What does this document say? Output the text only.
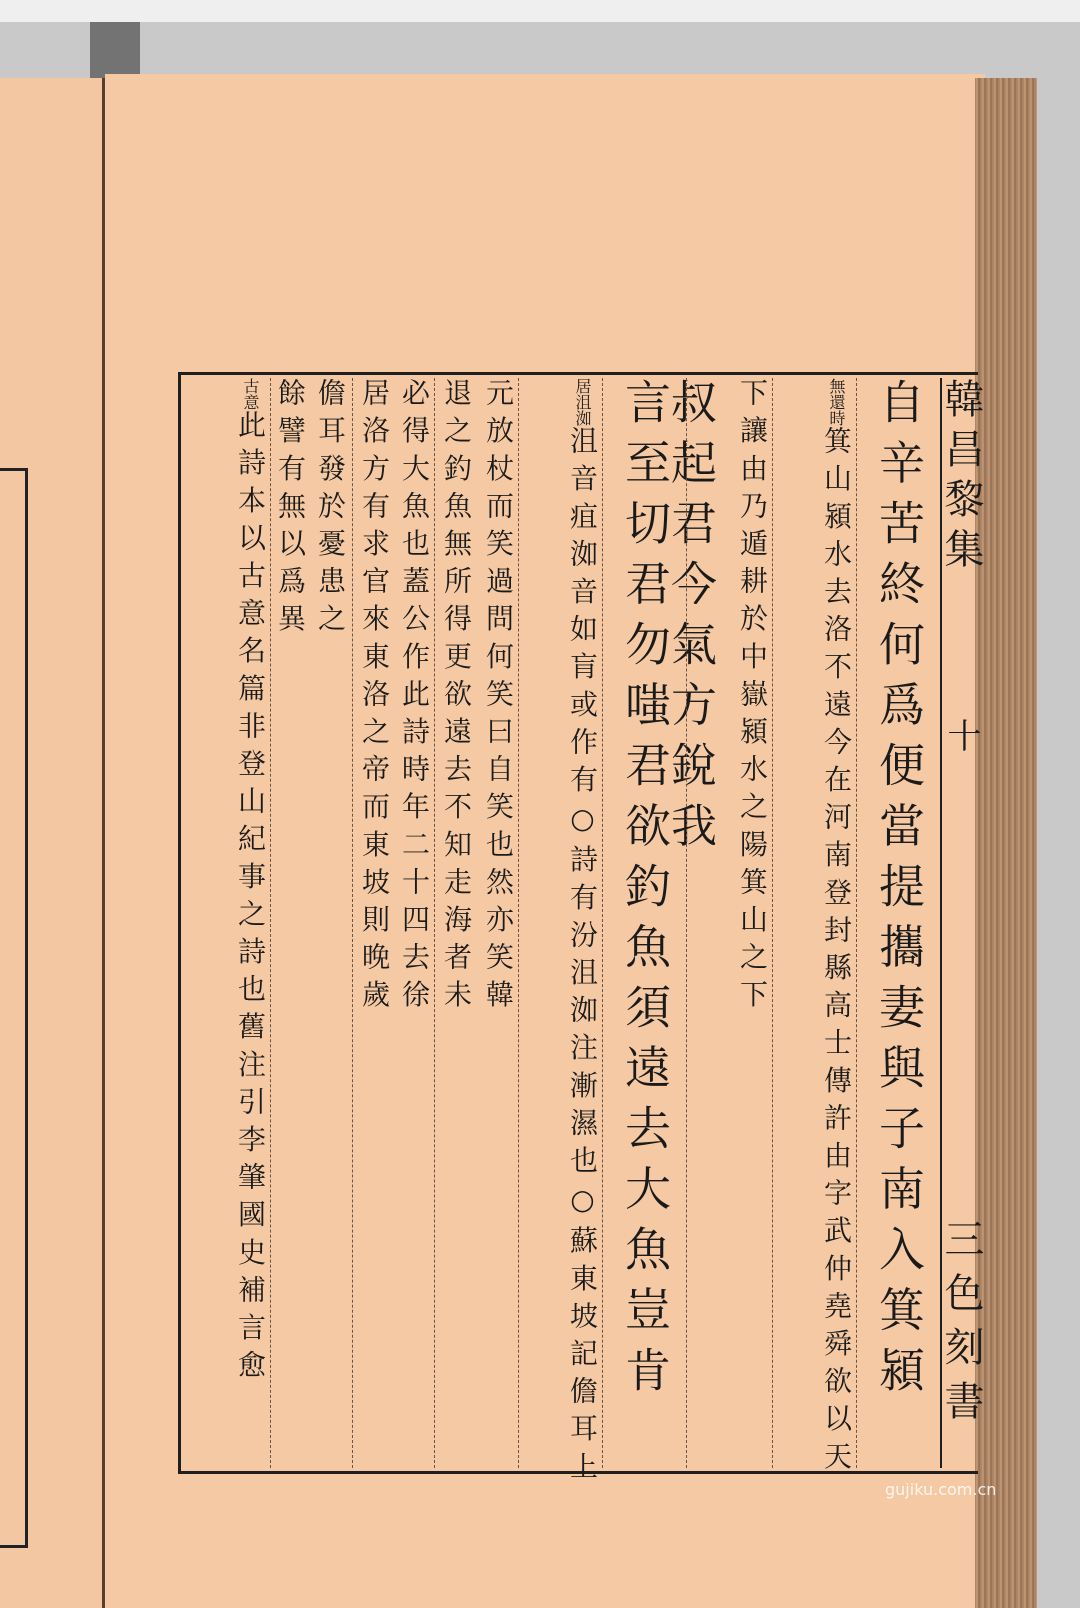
韓昌黎集
十
三色刻書
自辛苦終何爲便當提攜妻與子南入箕潁
無還時箕山潁水去洛不遠今在河南登封縣高士傳許由字武仲堯舜欲以天
下讓由乃遁耕於中嶽潁水之陽箕山之下
叔起君今氣方銳我
言至切君勿嗤君欲釣魚須遠去大魚豈肯
居沮洳沮音疽洳音如肓或作有○詩有汾沮洳注漸濕也○蘇東坡記儋耳上
元放杖而笑過問何笑曰自笑也然亦笑韓
退之釣魚無所得更欲遠去不知走海者未
必得大魚也蓋公作此詩時年二十四去徐
居洛方有求官來東洛之帝而東坡則晚歲
儋耳發於憂患之
餘譬有無以爲異
古意此詩本以古意名篇非登山紀事之詩也舊注引李肇國史補言愈
gujiku.com.cn
